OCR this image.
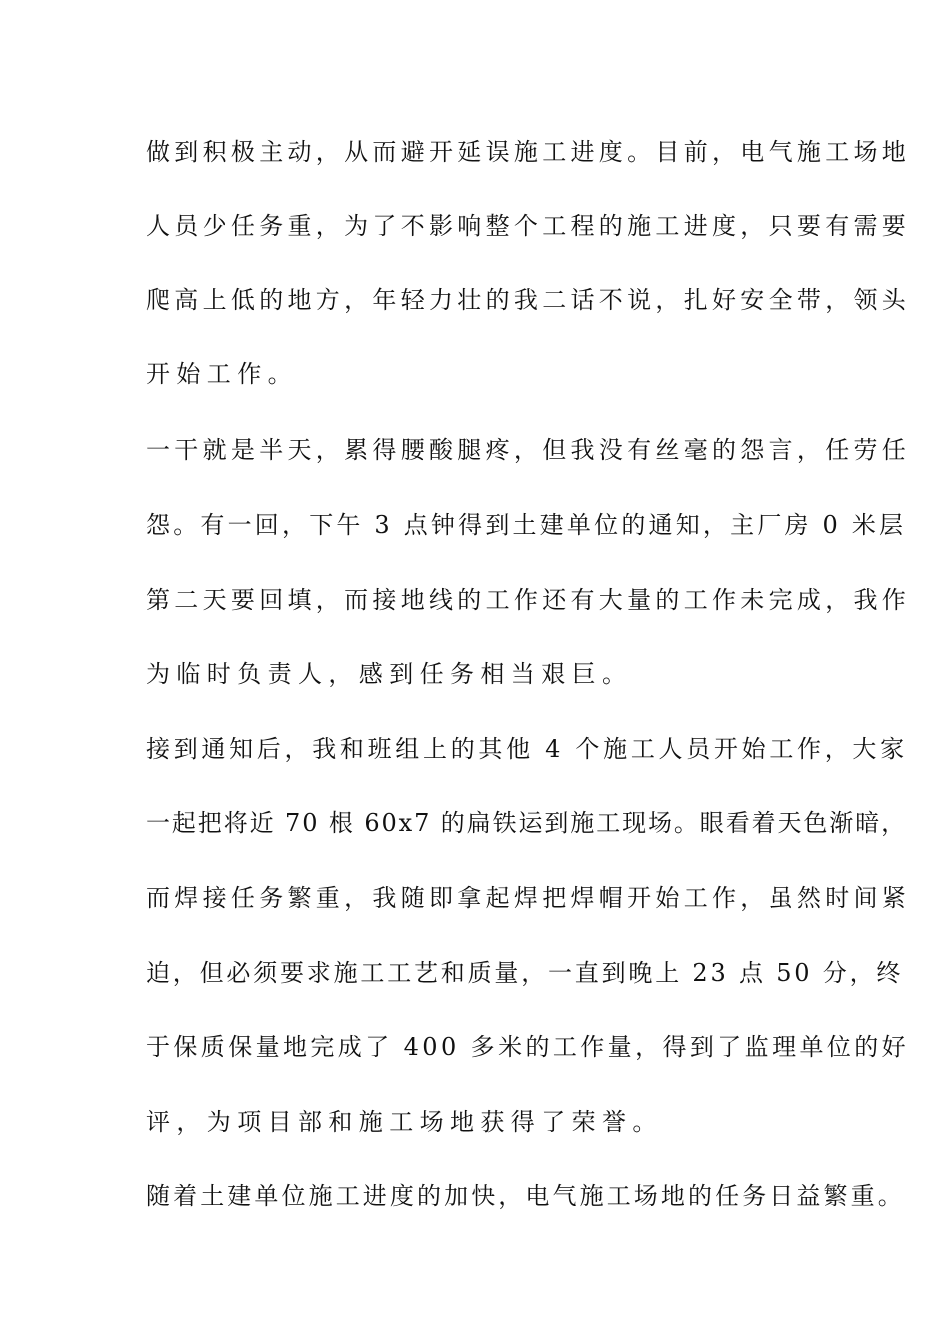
做到积极主动，从而避开延误施工进度。目前，电气施工场地
人员少任务重，为了不影响整个工程的施工进度，只要有需要
爬高上低的地方，年轻力壮的我二话不说，扎好安全带，领头
开始工作。
一干就是半天，累得腰酸腿疼，但我没有丝毫的怨言，任劳任
怨。有一回，下午 3 点钟得到土建单位的通知，主厂房 0 米层
第二天要回填，而接地线的工作还有大量的工作未完成，我作
为临时负责人，感到任务相当艰巨。
接到通知后，我和班组上的其他 4 个施工人员开始工作，大家
一起把将近 70 根 60x7 的扁铁运到施工现场。眼看着天色渐暗，
而焊接任务繁重，我随即拿起焊把焊帽开始工作，虽然时间紧
迫，但必须要求施工工艺和质量，一直到晚上 23 点 50 分，终
于保质保量地完成了 400 多米的工作量，得到了监理单位的好
评，为项目部和施工场地获得了荣誉。
随着土建单位施工进度的加快，电气施工场地的任务日益繁重。
